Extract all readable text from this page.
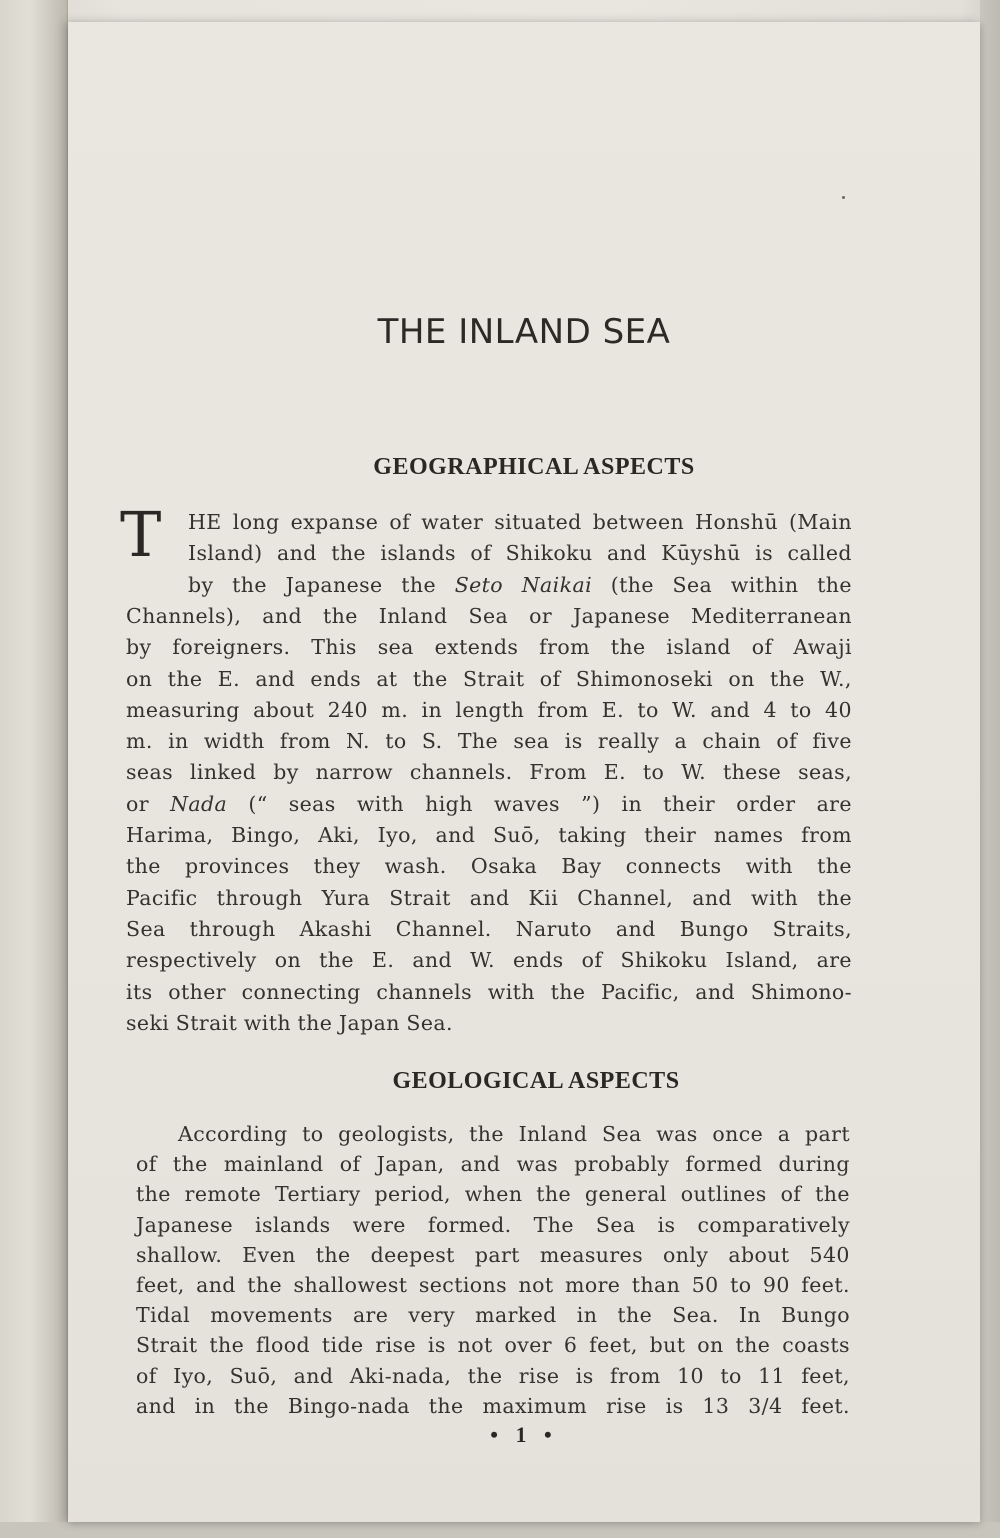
THE INLAND SEA
GEOGRAPHICAL ASPECTS
T HE long expanse of water situated between Honshū (Main
Island) and the islands of Shikoku and Kūyshū is called
by the Japanese the Seto Naikai (the Sea within the
Channels), and the Inland Sea or Japanese Mediterranean
by foreigners. This sea extends from the island of Awaji
on the E. and ends at the Strait of Shimonoseki on the W.,
measuring about 240 m. in length from E. to W. and 4 to 40
m. in width from N. to S. The sea is really a chain of five
seas linked by narrow channels. From E. to W. these seas,
or Nada (“ seas with high waves ”) in their order are
Harima, Bingo, Aki, Iyo, and Suō, taking their names from
the provinces they wash. Osaka Bay connects with the
Pacific through Yura Strait and Kii Channel, and with the
Sea through Akashi Channel. Naruto and Bungo Straits,
respectively on the E. and W. ends of Shikoku Island, are
its other connecting channels with the Pacific, and Shimono-
seki Strait with the Japan Sea.
GEOLOGICAL ASPECTS
According to geologists, the Inland Sea was once a part
of the mainland of Japan, and was probably formed during
the remote Tertiary period, when the general outlines of the
Japanese islands were formed. The Sea is comparatively
shallow. Even the deepest part measures only about 540
feet, and the shallowest sections not more than 50 to 90 feet.
Tidal movements are very marked in the Sea. In Bungo
Strait the flood tide rise is not over 6 feet, but on the coasts
of Iyo, Suō, and Aki-nada, the rise is from 10 to 11 feet,
and in the Bingo-nada the maximum rise is 13 3/4 feet.
• 1 •
